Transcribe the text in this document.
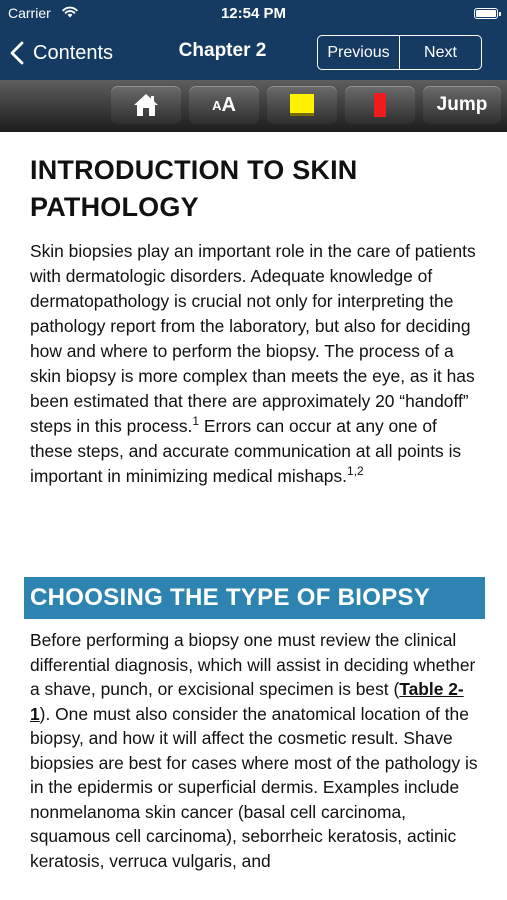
Carrier	12:54 PM
Contents	Chapter 2	Previous	Next
A A	Jump
INTRODUCTION TO SKIN PATHOLOGY

Skin biopsies play an important role in the care of patients with dermatologic disorders. Adequate knowledge of dermatopathology is crucial not only for interpreting the pathology report from the laboratory, but also for deciding how and where to perform the biopsy. The process of a skin biopsy is more complex than meets the eye, as it has been estimated that there are approximately 20 “handoff” steps in this process.$^1$ Errors can occur at any one of these steps, and accurate communication at all points is important in minimizing medical mishaps.$^{1,2}$

CHOOSING THE TYPE OF BIOPSY

Before performing a biopsy one must review the clinical differential diagnosis, which will assist in deciding whether a shave, punch, or excisional specimen is best (Table 2-1). One must also consider the anatomical location of the biopsy, and how it will affect the cosmetic result. Shave biopsies are best for cases where most of the pathology is in the epidermis or superficial dermis. Examples include nonmelanoma skin cancer (basal cell carcinoma, squamous cell carcinoma), seborrheic keratosis, actinic keratosis, verruca vulgaris, and
